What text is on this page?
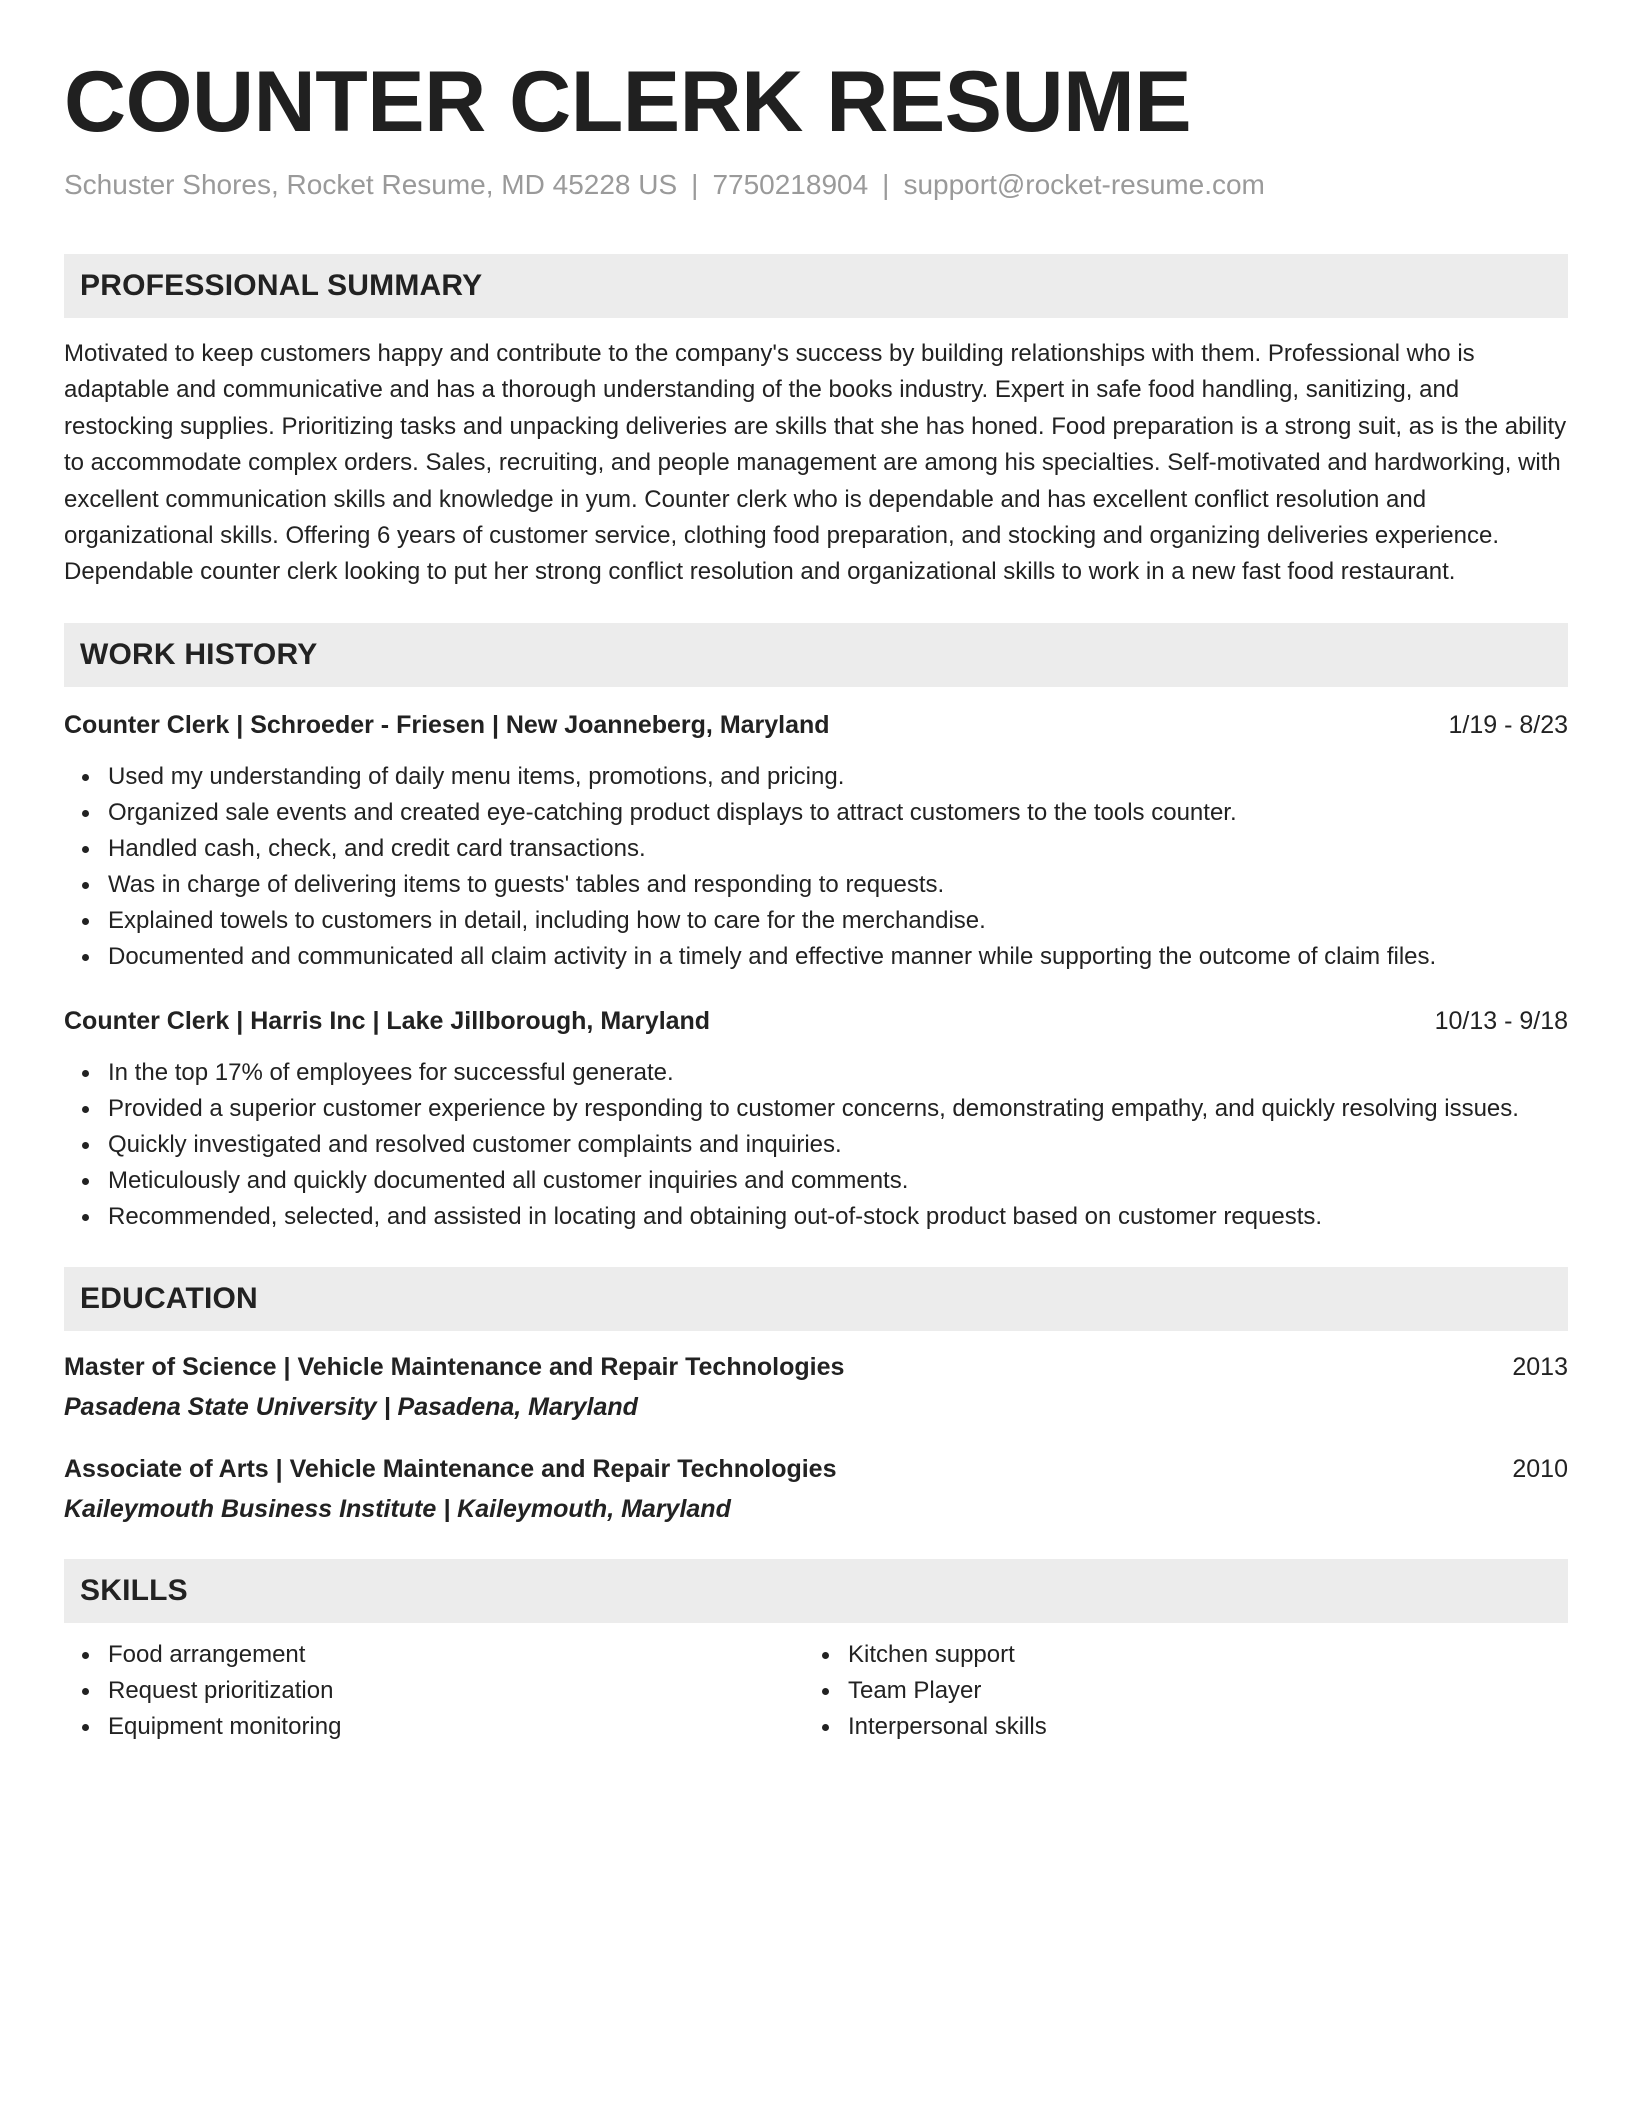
COUNTER CLERK RESUME
Schuster Shores, Rocket Resume, MD 45228 US | 7750218904 | support@rocket-resume.com
PROFESSIONAL SUMMARY
Motivated to keep customers happy and contribute to the company's success by building relationships with them. Professional who is adaptable and communicative and has a thorough understanding of the books industry. Expert in safe food handling, sanitizing, and restocking supplies. Prioritizing tasks and unpacking deliveries are skills that she has honed. Food preparation is a strong suit, as is the ability to accommodate complex orders. Sales, recruiting, and people management are among his specialties. Self-motivated and hardworking, with excellent communication skills and knowledge in yum. Counter clerk who is dependable and has excellent conflict resolution and organizational skills. Offering 6 years of customer service, clothing food preparation, and stocking and organizing deliveries experience. Dependable counter clerk looking to put her strong conflict resolution and organizational skills to work in a new fast food restaurant.
WORK HISTORY
Counter Clerk | Schroeder - Friesen | New Joanneberg, Maryland	1/19 - 8/23
Used my understanding of daily menu items, promotions, and pricing.
Organized sale events and created eye-catching product displays to attract customers to the tools counter.
Handled cash, check, and credit card transactions.
Was in charge of delivering items to guests' tables and responding to requests.
Explained towels to customers in detail, including how to care for the merchandise.
Documented and communicated all claim activity in a timely and effective manner while supporting the outcome of claim files.
Counter Clerk | Harris Inc | Lake Jillborough, Maryland	10/13 - 9/18
In the top 17% of employees for successful generate.
Provided a superior customer experience by responding to customer concerns, demonstrating empathy, and quickly resolving issues.
Quickly investigated and resolved customer complaints and inquiries.
Meticulously and quickly documented all customer inquiries and comments.
Recommended, selected, and assisted in locating and obtaining out-of-stock product based on customer requests.
EDUCATION
Master of Science | Vehicle Maintenance and Repair Technologies	2013
Pasadena State University | Pasadena, Maryland
Associate of Arts | Vehicle Maintenance and Repair Technologies	2010
Kaileymouth Business Institute | Kaileymouth, Maryland
SKILLS
Food arrangement
Request prioritization
Equipment monitoring
Kitchen support
Team Player
Interpersonal skills
